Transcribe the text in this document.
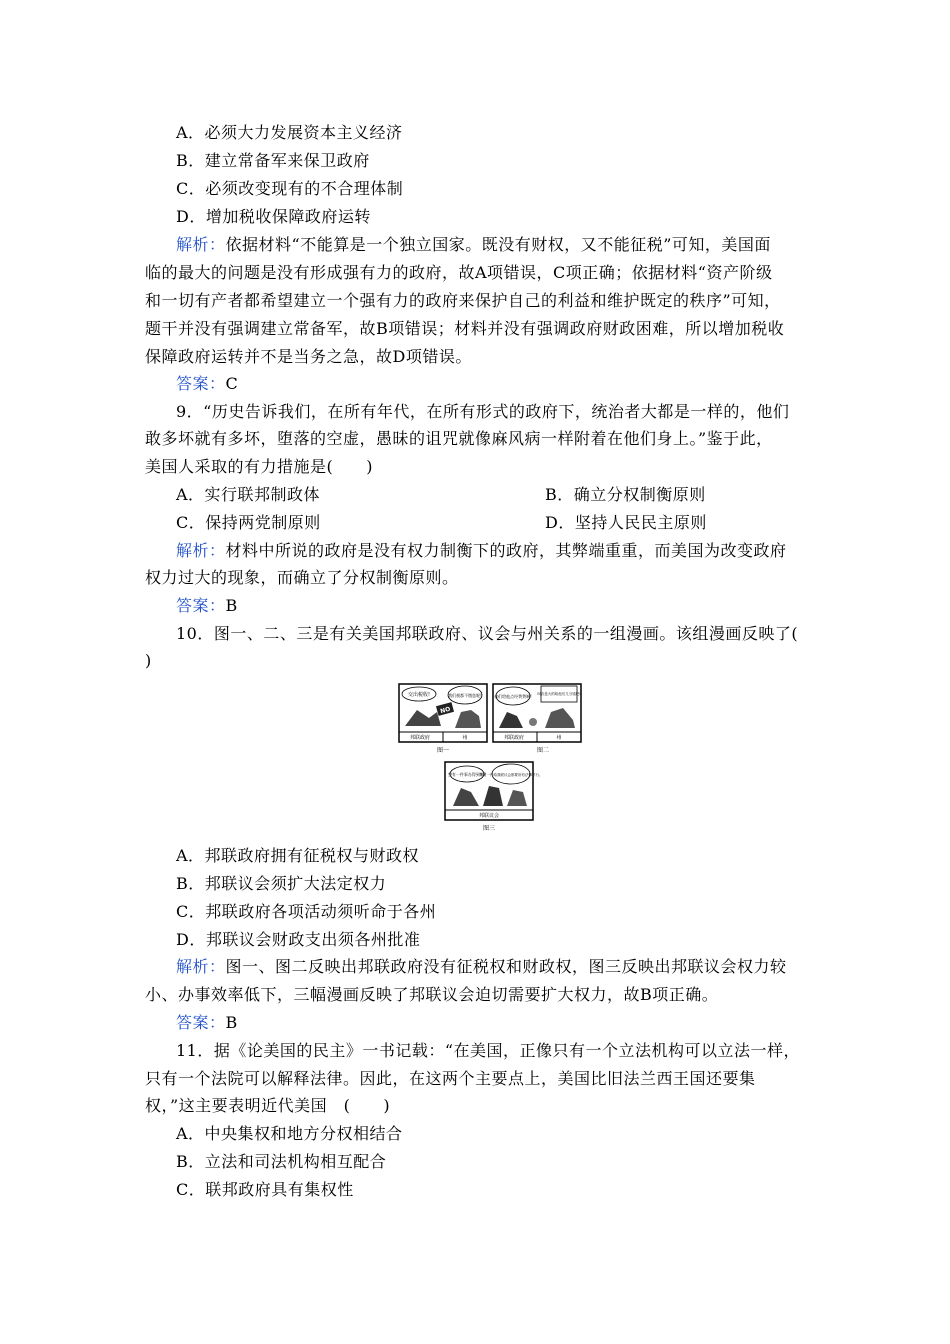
A．必须大力发展资本主义经济
B．建立常备军来保卫政府
C．必须改变现有的不合理体制
D．增加税收保障政府运转
解析：依据材料“不能算是一个独立国家。既没有财权，又不能征税”可知，美国面
临的最大的问题是没有形成强有力的政府，故A项错误，C项正确；依据材料“资产阶级
和一切有产者都希望建立一个强有力的政府来保护自己的利益和维护既定的秩序”可知，
题干并没有强调建立常备军，故B项错误；材料并没有强调政府财政困难，所以增加税收
保障政府运转并不是当务之急，故D项错误。
答案：C
9．“历史告诉我们，在所有年代，在所有形式的政府下，统治者大都是一样的，他们
敢多坏就有多坏，堕落的空虚，愚昧的诅咒就像麻风病一样附着在他们身上。”鉴于此，
美国人采取的有力措施是(　　)
A．实行联邦制政体	B．确立分权制衡原则
C．保持两党制原则	D．坚持人民民主原则
解析：材料中所说的政府是没有权力制衡下的政府，其弊端重重，而美国为改变政府
权力过大的现象，而确立了分权制衡原则。
答案：B
10．图一、二、三是有关美国邦联政府、议会与州关系的一组漫画。该组漫画反映了(
)
交出税收!	我们税都不缴您呢!
NO
邦联政府	州
图一
你们给他点经费费啊! 叫各盖大的给他们几分钱吧!
邦联政府	州
图二
想有一件事办得到吗?
帮有一件给我联议会都要所有法律才行。
邦联议会
图三
A．邦联政府拥有征税权与财政权
B．邦联议会须扩大法定权力
C．邦联政府各项活动须听命于各州
D．邦联议会财政支出须各州批准
解析：图一、图二反映出邦联政府没有征税权和财政权，图三反映出邦联议会权力较
小、办事效率低下，三幅漫画反映了邦联议会迫切需要扩大权力，故B项正确。
答案：B
11．据《论美国的民主》一书记载：“在美国，正像只有一个立法机构可以立法一样，
只有一个法院可以解释法律。因此，在这两个主要点上，美国比旧法兰西王国还要集
权，”这主要表明近代美国　(　　)
A．中央集权和地方分权相结合
B．立法和司法机构相互配合
C．联邦政府具有集权性
